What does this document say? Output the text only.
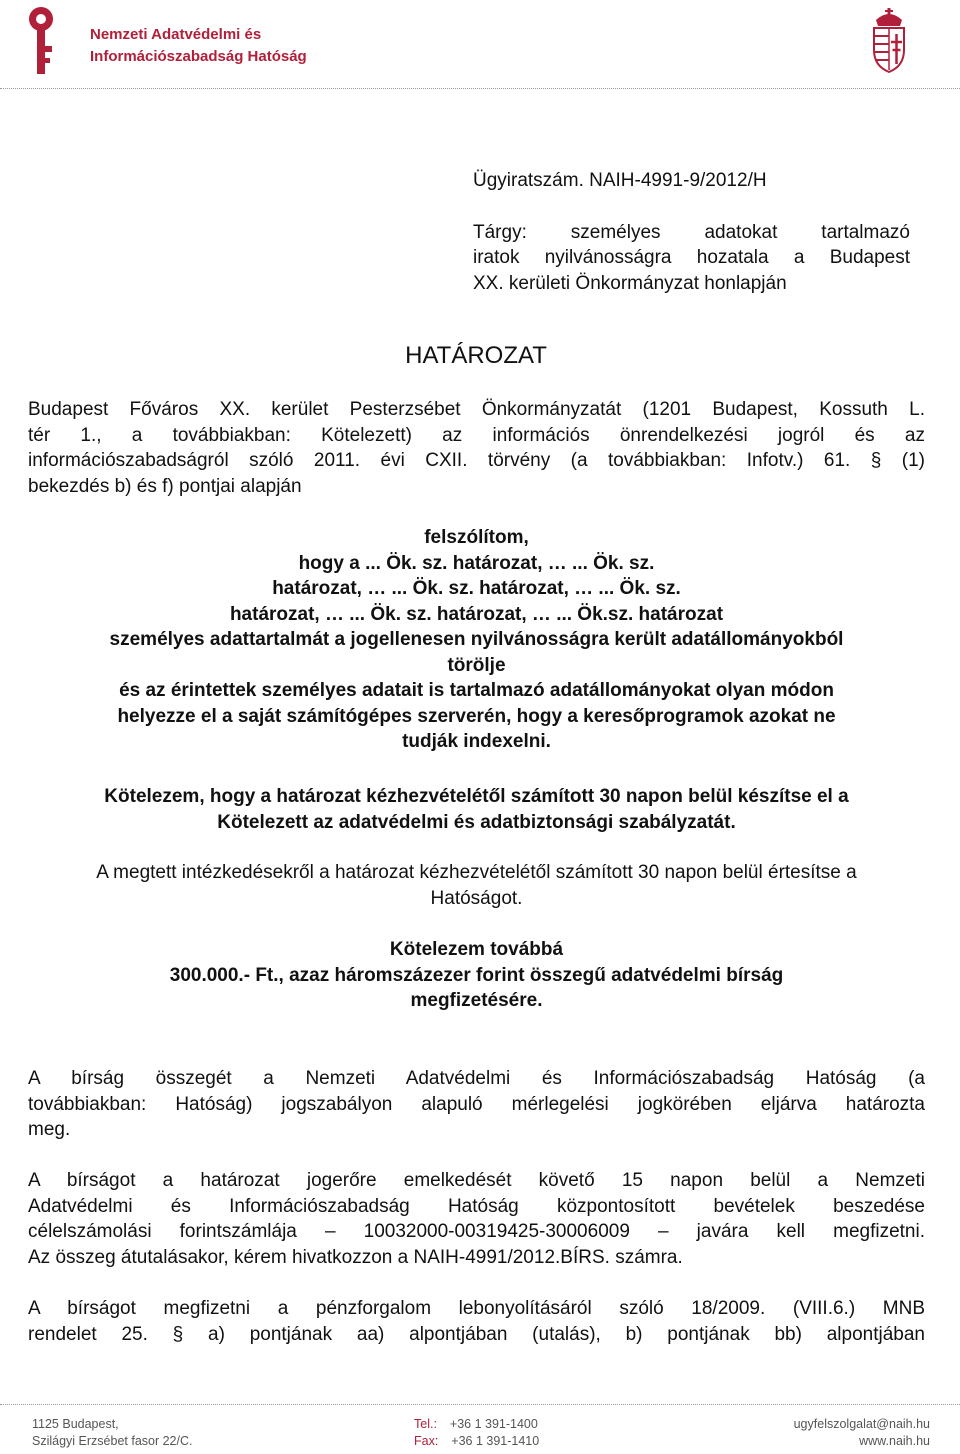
Nemzeti Adatvédelmi és
Információszabadság Hatóság
Ügyiratszám. NAIH-4991-9/2012/H
Tárgy: személyes adatokat tartalmazó
iratok nyilvánosságra hozatala a Budapest
XX. kerületi Önkormányzat honlapján
HATÁROZAT
Budapest Főváros XX. kerület Pesterzsébet Önkormányzatát (1201 Budapest, Kossuth L.
tér 1., a továbbiakban: Kötelezett) az információs önrendelkezési jogról és az
információszabadságról szóló 2011. évi CXII. törvény (a továbbiakban: Infotv.) 61. § (1)
bekezdés b) és f) pontjai alapján
felszólítom,
hogy a ... Ök. sz. határozat, … ... Ök. sz.
határozat, … ... Ök. sz. határozat, … ... Ök. sz.
határozat, … ... Ök. sz. határozat, … ... Ök.sz. határozat
személyes adattartalmát a jogellenesen nyilvánosságra került adatállományokból
törölje
és az érintettek személyes adatait is tartalmazó adatállományokat olyan módon
helyezze el a saját számítógépes szerverén, hogy a keresőprogramok azokat ne
tudják indexelni.
Kötelezem, hogy a határozat kézhezvételétől számított 30 napon belül készítse el a
Kötelezett az adatvédelmi és adatbiztonsági szabályzatát.
A megtett intézkedésekről a határozat kézhezvételétől számított 30 napon belül értesítse a
Hatóságot.
Kötelezem továbbá
300.000.- Ft., azaz háromszázezer forint összegű adatvédelmi bírság
megfizetésére.
A bírság összegét a Nemzeti Adatvédelmi és Információszabadság Hatóság (a
továbbiakban: Hatóság) jogszabályon alapuló mérlegelési jogkörében eljárva határozta
meg.
A bírságot a határozat jogerőre emelkedését követő 15 napon belül a Nemzeti
Adatvédelmi és Információszabadság Hatóság központosított bevételek beszedése
célelszámolási forintszámlája – 10032000-00319425-30006009 – javára kell megfizetni.
Az összeg átutalásakor, kérem hivatkozzon a NAIH-4991/2012.BÍRS. számra.
A bírságot megfizetni a pénzforgalom lebonyolításáról szóló 18/2009. (VIII.6.) MNB
rendelet 25. § a) pontjának aa) alpontjában (utalás), b) pontjának bb) alpontjában
1125 Budapest,
Szilágyi Erzsébet fasor 22/C.
Tel.: +36 1 391-1400
Fax: +36 1 391-1410
ugyfelszolgalat@naih.hu
www.naih.hu
